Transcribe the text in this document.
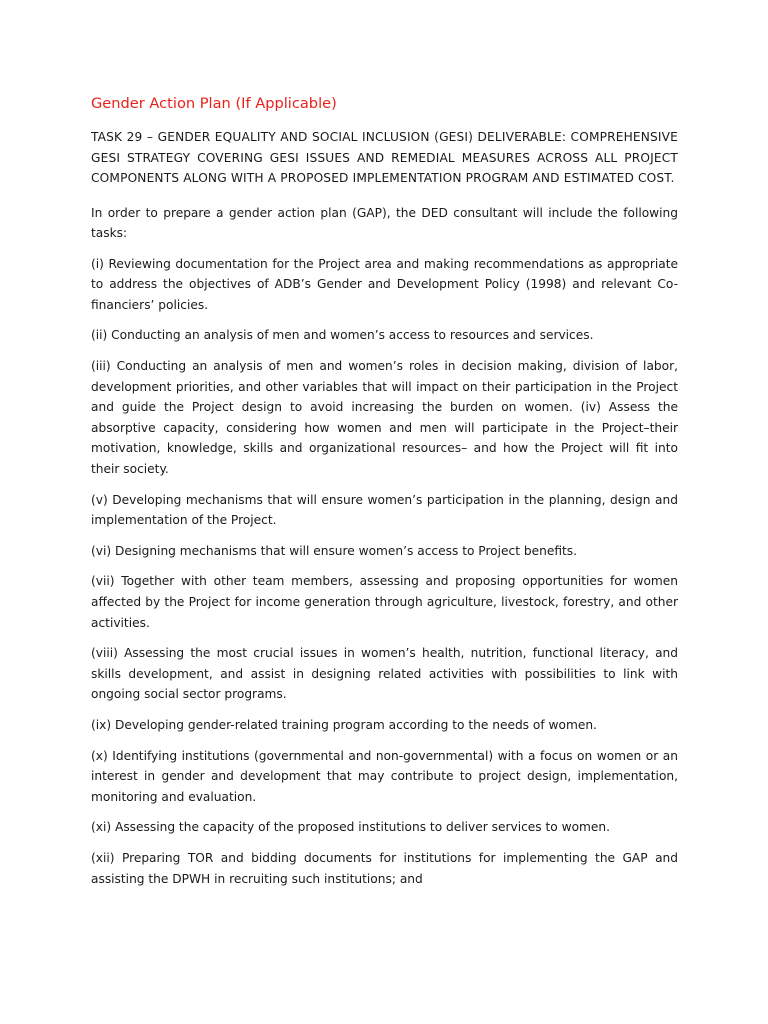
Gender Action Plan (If Applicable)

TASK 29 – GENDER EQUALITY AND SOCIAL INCLUSION (GESI) DELIVERABLE: COMPREHENSIVE GESI STRATEGY COVERING GESI ISSUES AND REMEDIAL MEASURES ACROSS ALL PROJECT COMPONENTS ALONG WITH A PROPOSED IMPLEMENTATION PROGRAM AND ESTIMATED COST.

In order to prepare a gender action plan (GAP), the DED consultant will include the following tasks:

(i) Reviewing documentation for the Project area and making recommendations as appropriate to address the objectives of ADB’s Gender and Development Policy (1998) and relevant Co-financiers’ policies.

(ii) Conducting an analysis of men and women’s access to resources and services.

(iii) Conducting an analysis of men and women’s roles in decision making, division of labor, development priorities, and other variables that will impact on their participation in the Project and guide the Project design to avoid increasing the burden on women. (iv) Assess the absorptive capacity, considering how women and men will participate in the Project–their motivation, knowledge, skills and organizational resources– and how the Project will fit into their society.

(v) Developing mechanisms that will ensure women’s participation in the planning, design and implementation of the Project.

(vi) Designing mechanisms that will ensure women’s access to Project benefits.

(vii) Together with other team members, assessing and proposing opportunities for women affected by the Project for income generation through agriculture, livestock, forestry, and other activities.

(viii) Assessing the most crucial issues in women’s health, nutrition, functional literacy, and skills development, and assist in designing related activities with possibilities to link with ongoing social sector programs.

(ix) Developing gender-related training program according to the needs of women.

(x) Identifying institutions (governmental and non-governmental) with a focus on women or an interest in gender and development that may contribute to project design, implementation, monitoring and evaluation.

(xi) Assessing the capacity of the proposed institutions to deliver services to women.

(xii) Preparing TOR and bidding documents for institutions for implementing the GAP and assisting the DPWH in recruiting such institutions; and
